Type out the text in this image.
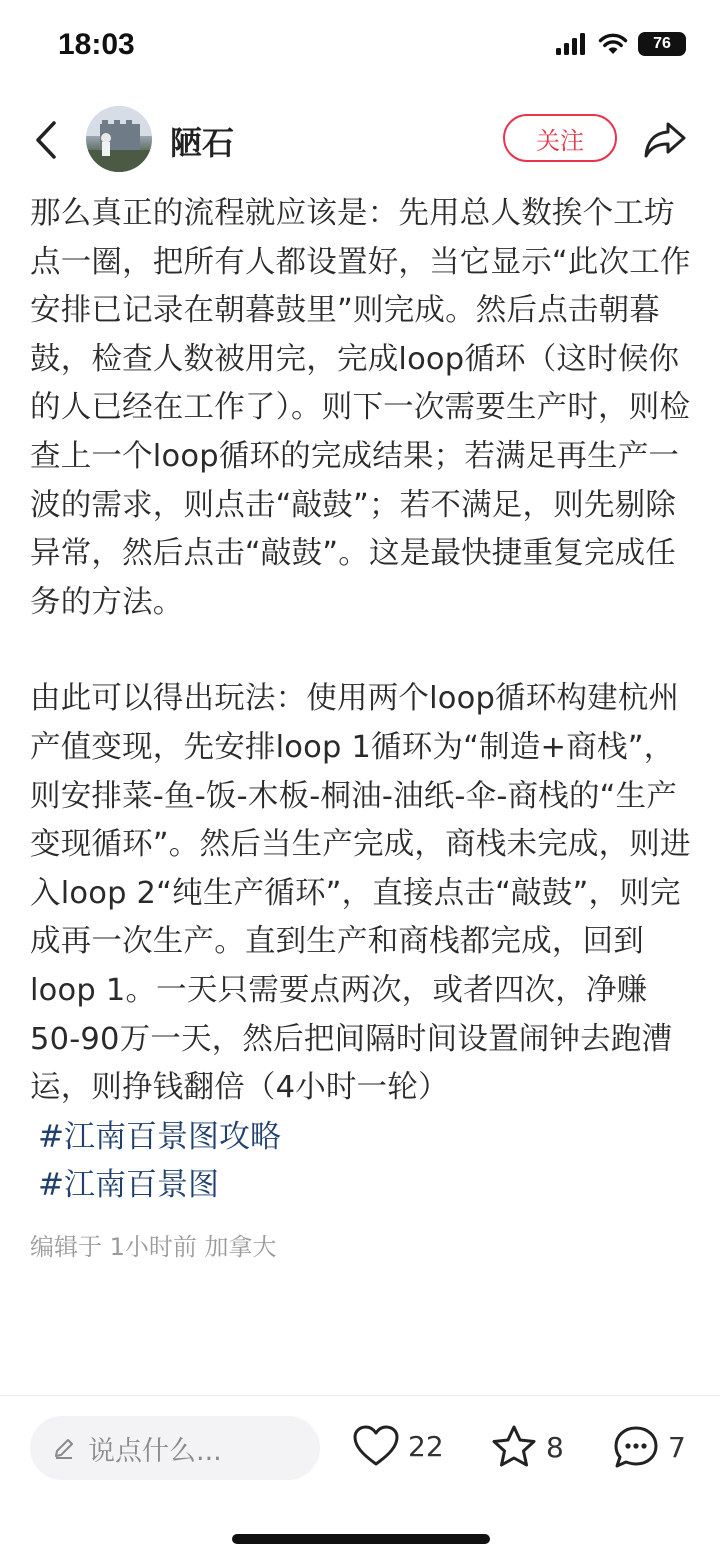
18:03	76
陋石	关注

那么真正的流程就应该是：先用总人数挨个工坊点一圈，把所有人都设置好，当它显示“此次工作安排已记录在朝暮鼓里”则完成。然后点击朝暮鼓，检查人数被用完，完成loop循环（这时候你的人已经在工作了）。则下一次需要生产时，则检查上一个loop循环的完成结果；若满足再生产一波的需求，则点击“敲鼓”；若不满足，则先剔除异常，然后点击“敲鼓”。这是最快捷重复完成任务的方法。

由此可以得出玩法：使用两个loop循环构建杭州产值变现，先安排loop 1循环为“制造+商栈”，则安排菜-鱼-饭-木板-桐油-油纸-伞-商栈的“生产变现循环”。然后当生产完成，商栈未完成，则进入loop 2“纯生产循环”，直接点击“敲鼓”，则完成再一次生产。直到生产和商栈都完成，回到loop 1。一天只需要点两次，或者四次，净赚50-90万一天，然后把间隔时间设置闹钟去跑漕运，则挣钱翻倍（4小时一轮）

#江南百景图攻略
#江南百景图
编辑于 1小时前 加拿大
说点什么...	22	8	7
